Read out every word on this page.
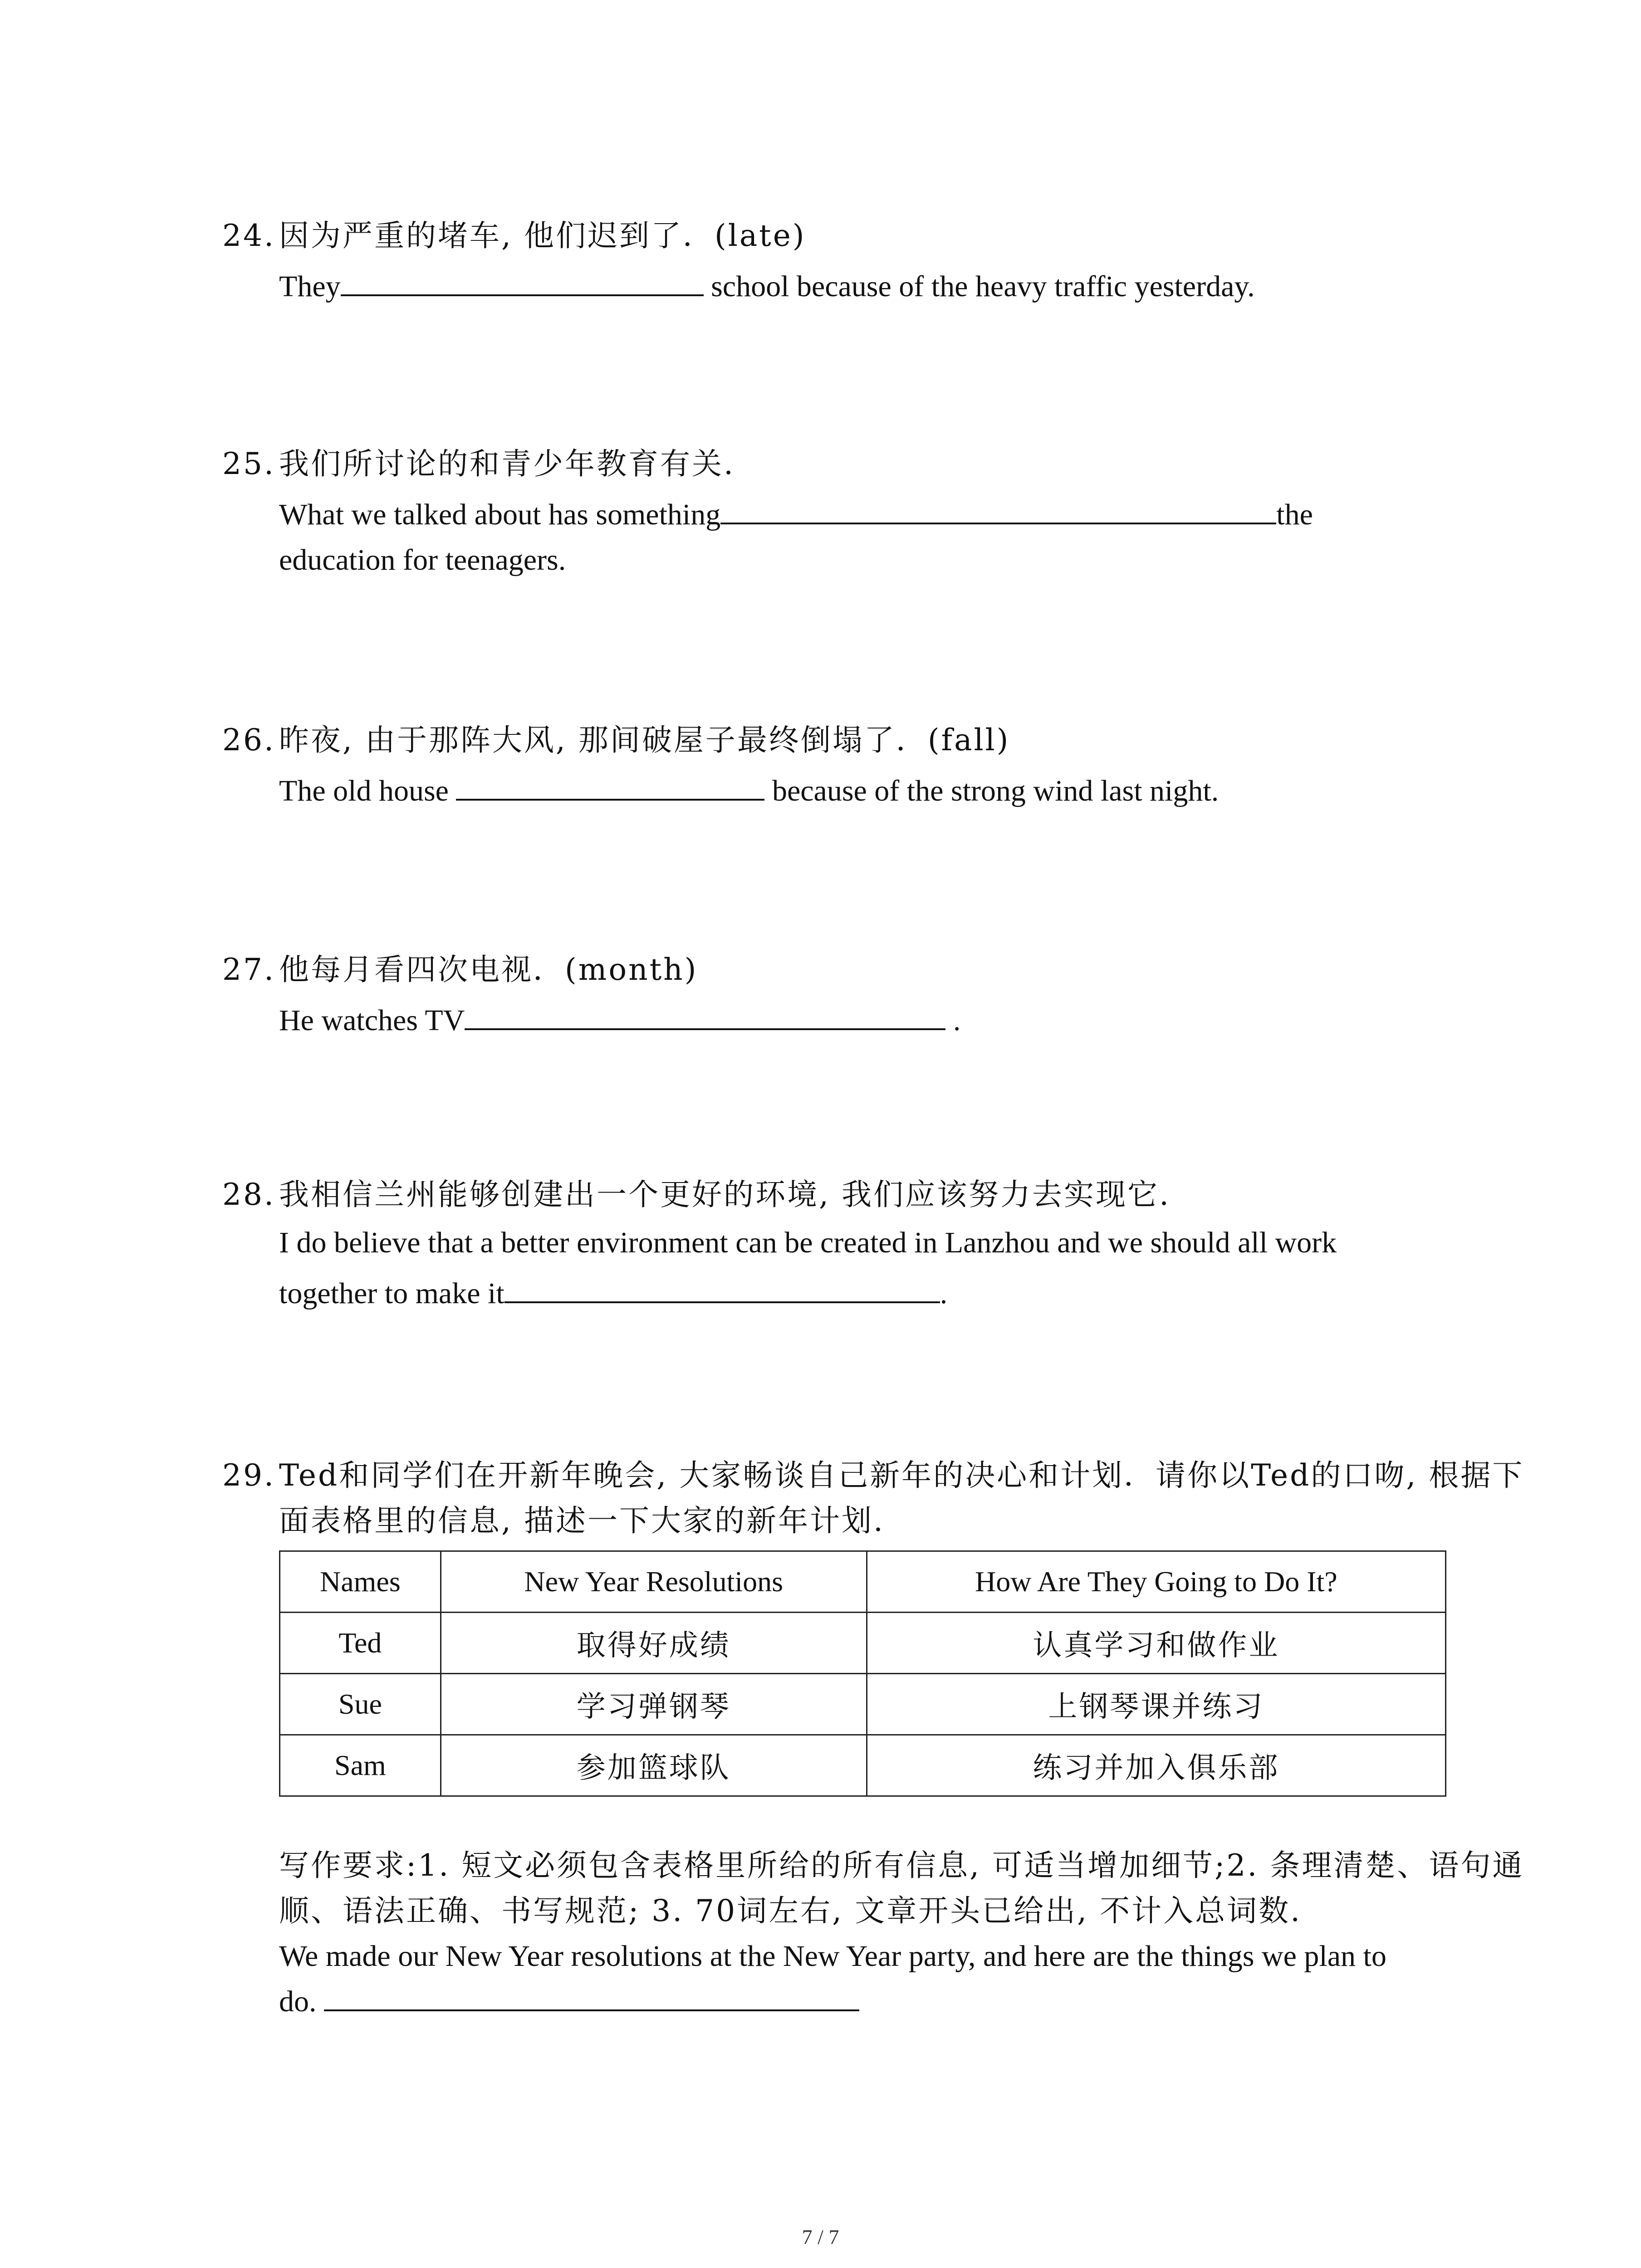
24. 因为严重的堵车, 他们迟到了．(late)
They	school because of the heavy traffic yesterday.
25. 我们所讨论的和青少年教育有关.
What we talked about has something	the
education for teenagers.
26. 昨夜, 由于那阵大风, 那间破屋子最终倒塌了．(fall)
The old house	because of the strong wind last night.
27. 他每月看四次电视．(month)
He watches TV	.
28. 我相信兰州能够创建出一个更好的环境, 我们应该努力去实现它.
I do believe that a better environment can be created in Lanzhou and we should all work
together to make it	.
29. Ted和同学们在开新年晚会, 大家畅谈自己新年的决心和计划．请你以Ted的口吻, 根据下
面表格里的信息, 描述一下大家的新年计划.
Names	New Year Resolutions	How Are They Going to Do It?
Ted	取得好成绩	认真学习和做作业
Sue	学习弹钢琴	上钢琴课并练习
Sam	参加篮球队	练习并加入俱乐部
写作要求:1. 短文必须包含表格里所给的所有信息, 可适当增加细节;2. 条理清楚、语句通
顺、语法正确、书写规范; 3. 70词左右, 文章开头已给出, 不计入总词数.
We made our New Year resolutions at the New Year party, and here are the things we plan to
do.
7 / 7
